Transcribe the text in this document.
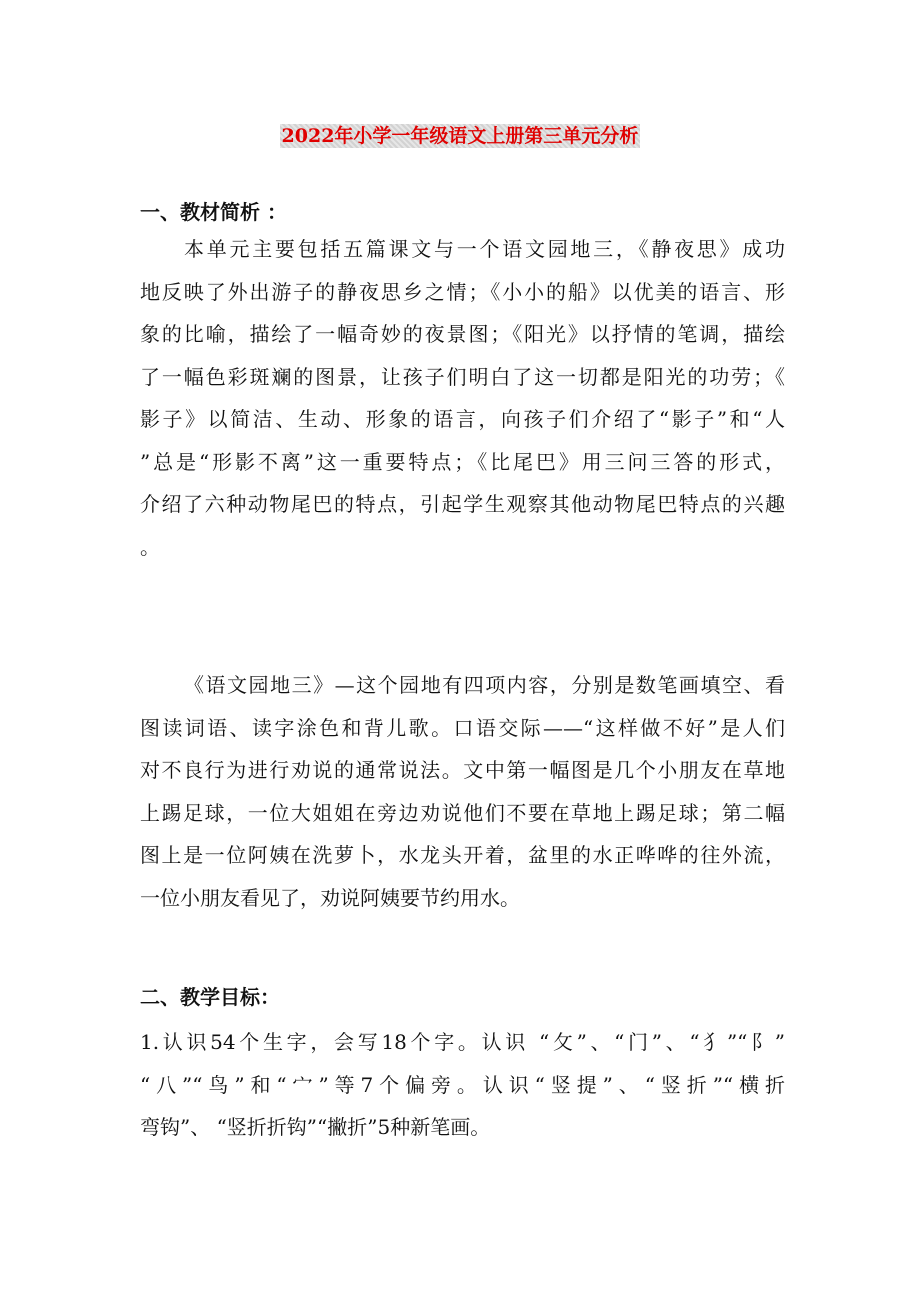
2022年小学一年级语文上册第三单元分析
一、教材简析 ：
本单元主要包括五篇课文与一个语文园地三，《静夜思》成功
地反映了外出游子的静夜思乡之情；《小小的船》以优美的语言、形
象的比喻，描绘了一幅奇妙的夜景图；《阳光》以抒情的笔调，描绘
了一幅色彩斑斓的图景，让孩子们明白了这一切都是阳光的功劳；《
影子》以简洁、生动、形象的语言，向孩子们介绍了“影子”和“人
”总是“形影不离”这一重要特点；《比尾巴》用三问三答的形式，
介绍了六种动物尾巴的特点，引起学生观察其他动物尾巴特点的兴趣
。
《语文园地三》—这个园地有四项内容，分别是数笔画填空、看
图读词语、读字涂色和背儿歌。口语交际——“这样做不好”是人们
对不良行为进行劝说的通常说法。文中第一幅图是几个小朋友在草地
上踢足球，一位大姐姐在旁边劝说他们不要在草地上踢足球；第二幅
图上是一位阿姨在洗萝卜，水龙头开着，盆里的水正哗哗的往外流，
一位小朋友看见了，劝说阿姨要节约用水。
二、教学目标：
1.认识54个生字，会写18个字。认识 “攵”、“门”、“犭”“阝”
“八”“鸟”和“宀”等7个偏旁。认识“竖提”、“竖折”“横折
弯钩”、 “竖折折钩”“撇折”5种新笔画。
